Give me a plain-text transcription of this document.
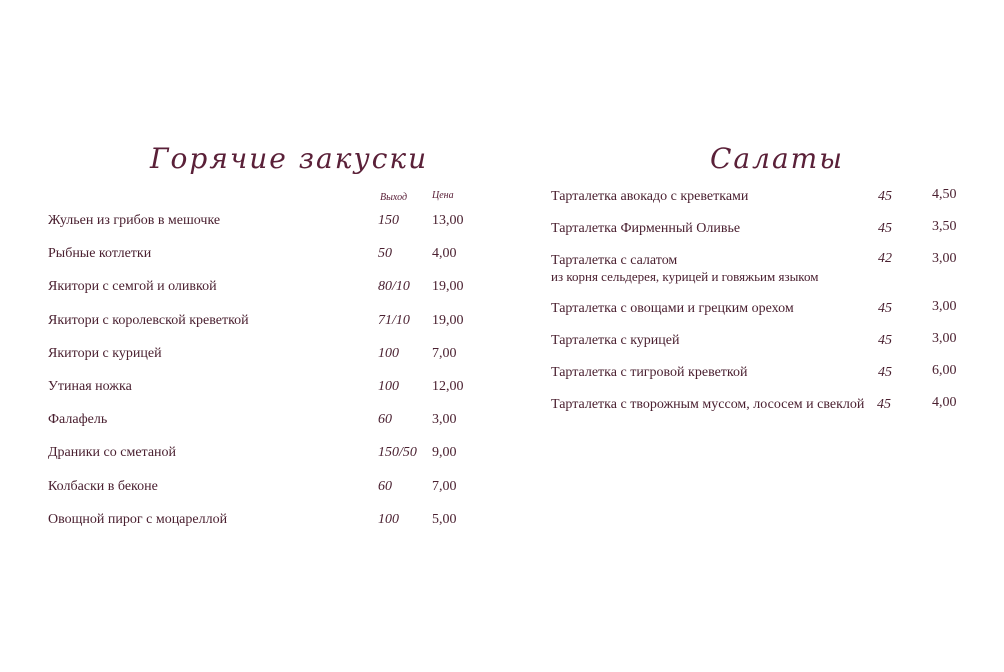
Горячие закуски
Выход	Цена
Жульен из грибов в мешочке	150 13,00
Рыбные котлетки	50	4,00
Якитори с семгой и оливкой	80/10 19,00
Якитори с королевской креветкой	71/10 19,00
Якитори с курицей	100 7,00
Утиная ножка	100 12,00
Фалафель	60	3,00
Драники со сметаной	150/50 9,00
Колбаски в беконе	60	7,00
Овощной пирог с моцареллой	100 5,00
Салаты
Тарталетка авокадо с креветками	45	4,50
Тарталетка Фирменный Оливье	45	3,50
Тарталетка с салатом
из корня сельдерея, курицей и говяжьим языком
42	3,00
Тарталетка с овощами и грецким орехом	45	3,00
Тарталетка с курицей	45	3,00
Тарталетка с тигровой креветкой	45	6,00
Тарталетка с творожным муссом, лососем и свеклой 45	4,00
